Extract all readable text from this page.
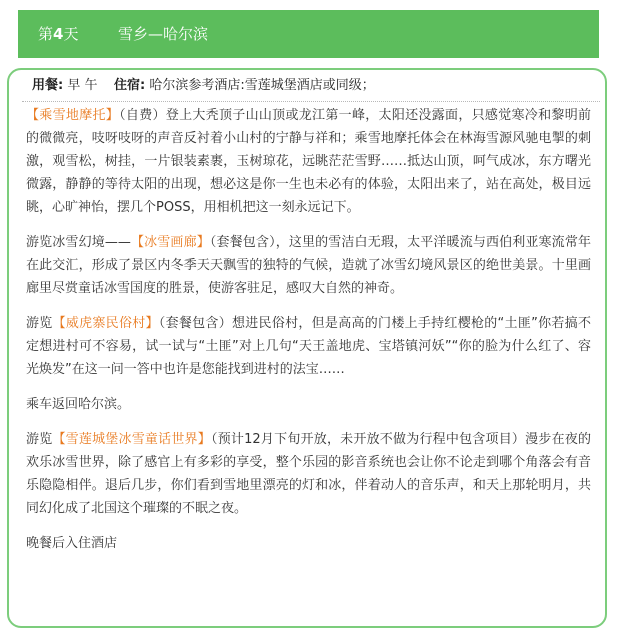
第4天	雪乡—哈尔滨
用餐: 早 午 住宿: 哈尔滨参考酒店:雪莲城堡酒店或同级；

【乘雪地摩托】（自费）登上大秃顶子山山顶或龙江第一峰，太阳还没露面，只感觉寒冷和黎明前的微微亮，吱呀吱呀的声音反衬着小山村的宁静与祥和；乘雪地摩托体会在林海雪源风驰电掣的刺激，观雪松，树挂，一片银装素裹，玉树琼花，远眺茫茫雪野……抵达山顶，呵气成冰，东方曙光微露，静静的等待太阳的出现，想必这是你一生也未必有的体验，太阳出来了，站在高处，极目远眺，心旷神怡，摆几个POSS，用相机把这一刻永远记下。

游览冰雪幻境——【冰雪画廊】（套餐包含），这里的雪洁白无瑕，太平洋暖流与西伯利亚寒流常年在此交汇，形成了景区内冬季天天飘雪的独特的气候，造就了冰雪幻境风景区的绝世美景。十里画廊里尽赏童话冰雪国度的胜景，使游客驻足，感叹大自然的神奇。

游览【威虎寨民俗村】（套餐包含）想进民俗村，但是高高的门楼上手持红樱枪的“土匪”你若搞不定想进村可不容易，试一试与“土匪”对上几句“天王盖地虎、宝塔镇河妖”“你的脸为什么红了、容光焕发”在这一问一答中也许是您能找到进村的法宝……

乘车返回哈尔滨。

游览【雪莲城堡冰雪童话世界】（预计12月下旬开放，未开放不做为行程中包含项目）漫步在夜的欢乐冰雪世界，除了感官上有多彩的享受，整个乐园的影音系统也会让你不论走到哪个角落会有音乐隐隐相伴。退后几步，你们看到雪地里漂亮的灯和冰，伴着动人的音乐声，和天上那轮明月，共同幻化成了北国这个璀璨的不眠之夜。

晚餐后入住酒店
